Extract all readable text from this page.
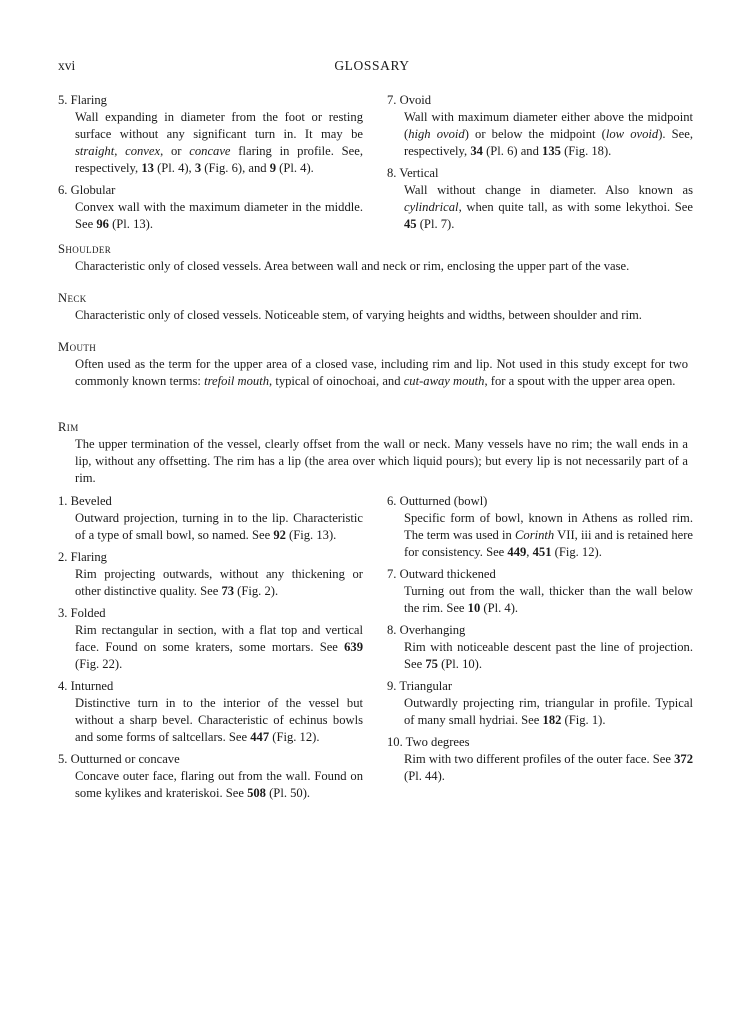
xvi	GLOSSARY

5. Flaring

Wall expanding in diameter from the foot or resting surface without any significant turn in. It may be straight, convex, or concave flaring in profile. See, respectively, 13 (Pl. 4), 3 (Fig. 6), and 9 (Pl. 4).

6. Globular

Convex wall with the maximum diameter in the middle. See 96 (Pl. 13).

7. Ovoid

Wall with maximum diameter either above the midpoint (high ovoid) or below the midpoint (low ovoid). See, respectively, 34 (Pl. 6) and 135 (Fig. 18).

8. Vertical

Wall without change in diameter. Also known as cylindrical, when quite tall, as with some lekythoi. See 45 (Pl. 7).

Shoulder

Characteristic only of closed vessels. Area between wall and neck or rim, enclosing the upper part of the vase.

Neck

Characteristic only of closed vessels. Noticeable stem, of varying heights and widths, between shoulder and rim.

Mouth

Often used as the term for the upper area of a closed vase, including rim and lip. Not used in this study except for two commonly known terms: trefoil mouth, typical of oinochoai, and cut-away mouth, for a spout with the upper area open.

Rim

The upper termination of the vessel, clearly offset from the wall or neck. Many vessels have no rim; the wall ends in a lip, without any offsetting. The rim has a lip (the area over which liquid pours); but every lip is not necessarily part of a rim.

1. Beveled

Outward projection, turning in to the lip. Characteristic of a type of small bowl, so named. See 92 (Fig. 13).

2. Flaring

Rim projecting outwards, without any thickening or other distinctive quality. See 73 (Fig. 2).

3. Folded

Rim rectangular in section, with a flat top and vertical face. Found on some kraters, some mortars. See 639 (Fig. 22).

4. Inturned

Distinctive turn in to the interior of the vessel but without a sharp bevel. Characteristic of echinus bowls and some forms of saltcellars. See 447 (Fig. 12).

5. Outturned or concave

Concave outer face, flaring out from the wall. Found on some kylikes and krateriskoi. See 508 (Pl. 50).

6. Outturned (bowl)

Specific form of bowl, known in Athens as rolled rim. The term was used in Corinth VII, iii and is retained here for consistency. See 449, 451 (Fig. 12).

7. Outward thickened

Turning out from the wall, thicker than the wall below the rim. See 10 (Pl. 4).

8. Overhanging

Rim with noticeable descent past the line of projection. See 75 (Pl. 10).

9. Triangular

Outwardly projecting rim, triangular in profile. Typical of many small hydriai. See 182 (Fig. 1).

10. Two degrees

Rim with two different profiles of the outer face. See 372 (Pl. 44).
